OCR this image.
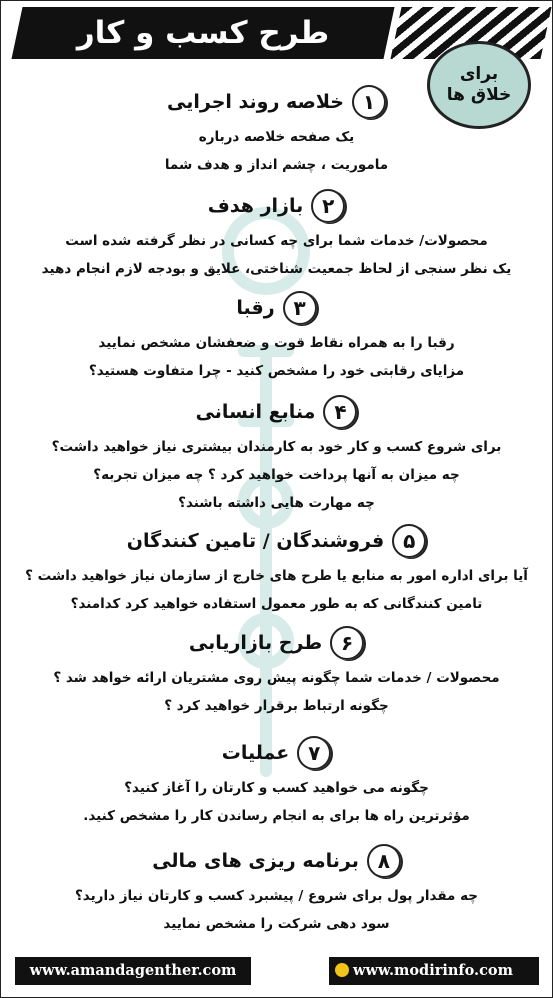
طرح کسب و کار
برای
خلاق ها
۱
خلاصه روند اجرایی
یک صفحه خلاصه درباره
ماموریت ، چشم انداز و هدف شما
۲
بازار هدف
محصولات/ خدمات شما برای چه کسانی در نظر گرفته شده است
یک نظر سنجی از لحاظ جمعیت شناختی، علایق و بودجه لازم انجام دهید
۳
رقبا
رقبا را به همراه نقاط قوت و ضعفشان مشخص نمایید
مزایای رقابتی خود را مشخص کنید - چرا متفاوت هستید؟
۴
منابع انسانی
برای شروع کسب و کار خود به کارمندان بیشتری نیاز خواهید داشت؟
چه میزان به آنها پرداخت خواهید کرد ؟ چه میزان تجربه؟
چه مهارت هایی داشته باشند؟
۵
فروشندگان / تامین کنندگان
آیا برای اداره امور به منابع یا طرح های خارج از سازمان نیاز خواهید داشت ؟
تامین کنندگانی که به طور معمول استفاده خواهید کرد کدامند؟
۶
طرح بازاریابی
محصولات / خدمات شما چگونه پیش روی مشتریان ارائه خواهد شد ؟
چگونه ارتباط برقرار خواهید کرد ؟
۷
عملیات
چگونه می خواهید کسب و کارتان را آغاز کنید؟
مؤثرترین راه ها برای به انجام رساندن کار را مشخص کنید.
۸
برنامه ریزی های مالی
چه مقدار پول برای شروع / پیشبرد کسب و کارتان نیاز دارید؟
سود دهی شرکت را مشخص نمایید
www.amandagenther.com	www.modirinfo.com
